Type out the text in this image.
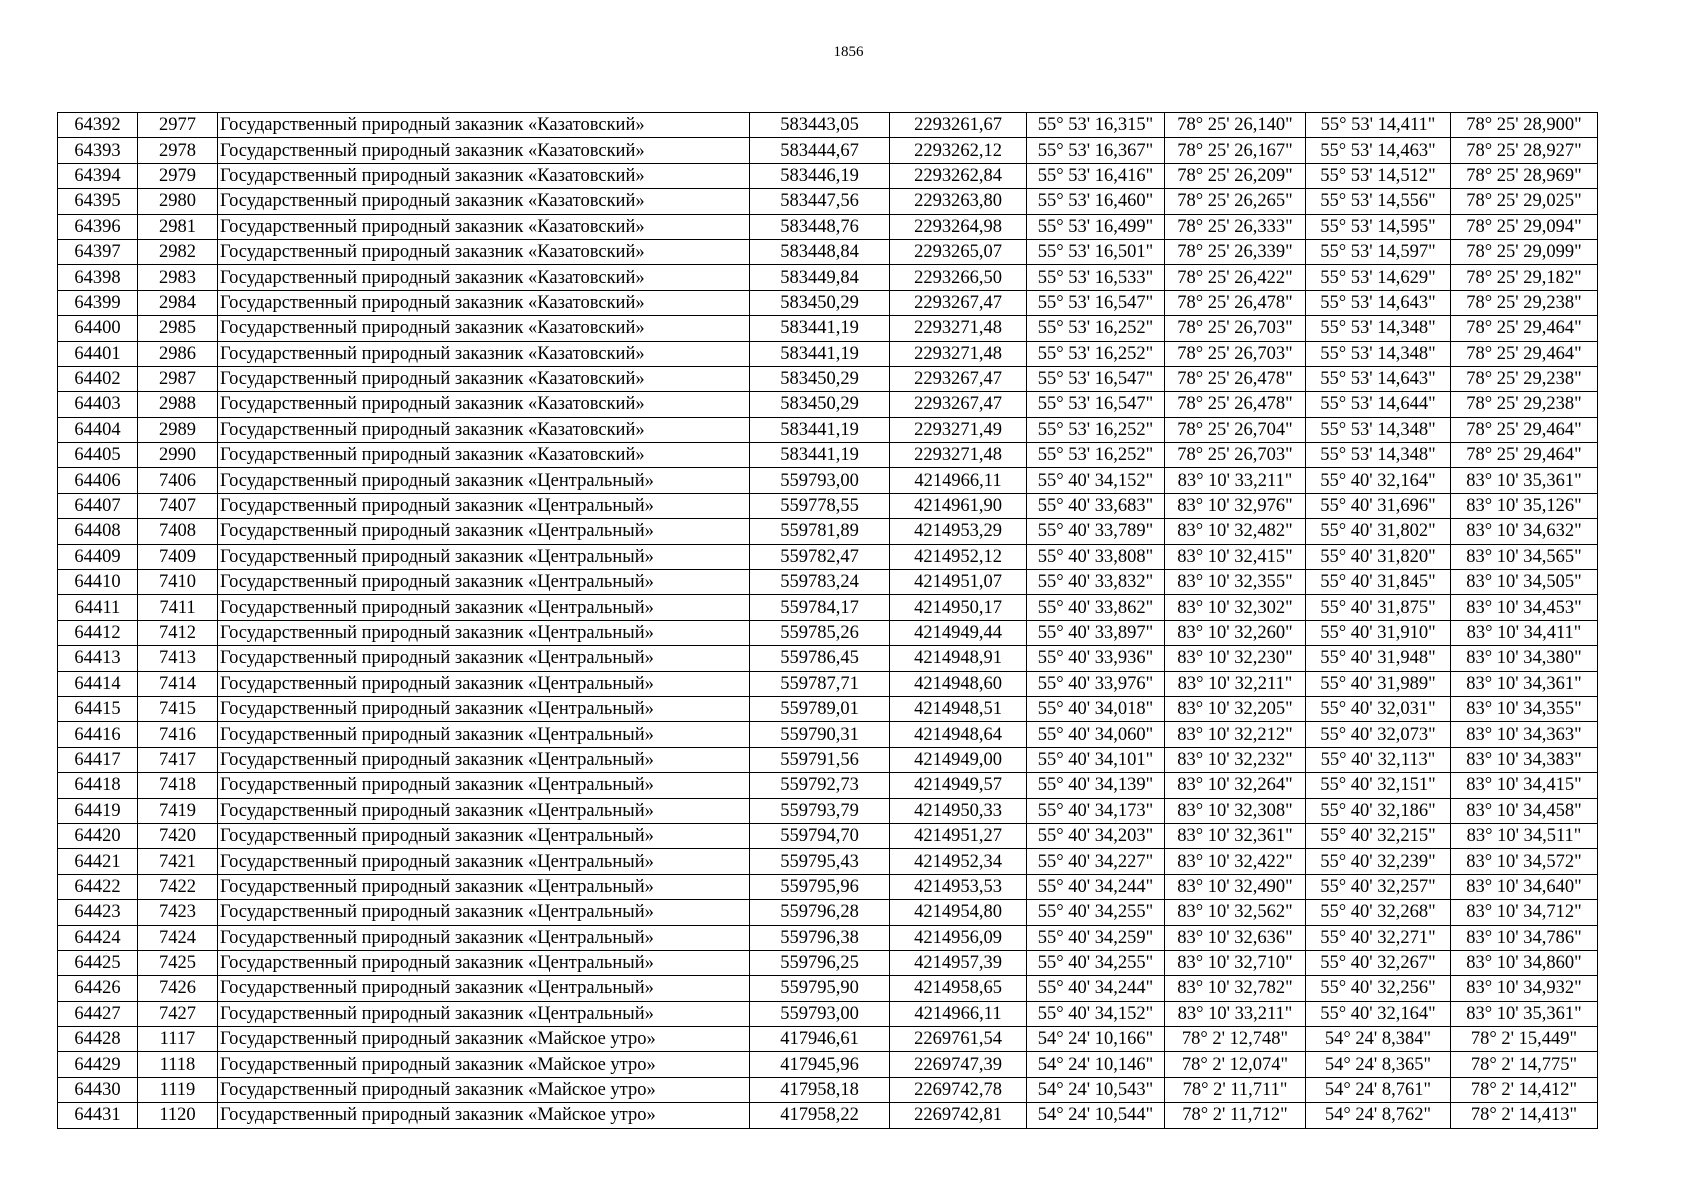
1856
64392	2977	Государственный природный заказник «Казатовский»	583443,05	2293261,67	55° 53' 16,315"	78° 25' 26,140"	55° 53' 14,411"	78° 25' 28,900"
64393	2978	Государственный природный заказник «Казатовский»	583444,67	2293262,12	55° 53' 16,367"	78° 25' 26,167"	55° 53' 14,463"	78° 25' 28,927"
64394	2979	Государственный природный заказник «Казатовский»	583446,19	2293262,84	55° 53' 16,416"	78° 25' 26,209"	55° 53' 14,512"	78° 25' 28,969"
64395	2980	Государственный природный заказник «Казатовский»	583447,56	2293263,80	55° 53' 16,460"	78° 25' 26,265"	55° 53' 14,556"	78° 25' 29,025"
64396	2981	Государственный природный заказник «Казатовский»	583448,76	2293264,98	55° 53' 16,499"	78° 25' 26,333"	55° 53' 14,595"	78° 25' 29,094"
64397	2982	Государственный природный заказник «Казатовский»	583448,84	2293265,07	55° 53' 16,501"	78° 25' 26,339"	55° 53' 14,597"	78° 25' 29,099"
64398	2983	Государственный природный заказник «Казатовский»	583449,84	2293266,50	55° 53' 16,533"	78° 25' 26,422"	55° 53' 14,629"	78° 25' 29,182"
64399	2984	Государственный природный заказник «Казатовский»	583450,29	2293267,47	55° 53' 16,547"	78° 25' 26,478"	55° 53' 14,643"	78° 25' 29,238"
64400	2985	Государственный природный заказник «Казатовский»	583441,19	2293271,48	55° 53' 16,252"	78° 25' 26,703"	55° 53' 14,348"	78° 25' 29,464"
64401	2986	Государственный природный заказник «Казатовский»	583441,19	2293271,48	55° 53' 16,252"	78° 25' 26,703"	55° 53' 14,348"	78° 25' 29,464"
64402	2987	Государственный природный заказник «Казатовский»	583450,29	2293267,47	55° 53' 16,547"	78° 25' 26,478"	55° 53' 14,643"	78° 25' 29,238"
64403	2988	Государственный природный заказник «Казатовский»	583450,29	2293267,47	55° 53' 16,547"	78° 25' 26,478"	55° 53' 14,644"	78° 25' 29,238"
64404	2989	Государственный природный заказник «Казатовский»	583441,19	2293271,49	55° 53' 16,252"	78° 25' 26,704"	55° 53' 14,348"	78° 25' 29,464"
64405	2990	Государственный природный заказник «Казатовский»	583441,19	2293271,48	55° 53' 16,252"	78° 25' 26,703"	55° 53' 14,348"	78° 25' 29,464"
64406	7406	Государственный природный заказник «Центральный»	559793,00	4214966,11	55° 40' 34,152"	83° 10' 33,211"	55° 40' 32,164"	83° 10' 35,361"
64407	7407	Государственный природный заказник «Центральный»	559778,55	4214961,90	55° 40' 33,683"	83° 10' 32,976"	55° 40' 31,696"	83° 10' 35,126"
64408	7408	Государственный природный заказник «Центральный»	559781,89	4214953,29	55° 40' 33,789"	83° 10' 32,482"	55° 40' 31,802"	83° 10' 34,632"
64409	7409	Государственный природный заказник «Центральный»	559782,47	4214952,12	55° 40' 33,808"	83° 10' 32,415"	55° 40' 31,820"	83° 10' 34,565"
64410	7410	Государственный природный заказник «Центральный»	559783,24	4214951,07	55° 40' 33,832"	83° 10' 32,355"	55° 40' 31,845"	83° 10' 34,505"
64411	7411	Государственный природный заказник «Центральный»	559784,17	4214950,17	55° 40' 33,862"	83° 10' 32,302"	55° 40' 31,875"	83° 10' 34,453"
64412	7412	Государственный природный заказник «Центральный»	559785,26	4214949,44	55° 40' 33,897"	83° 10' 32,260"	55° 40' 31,910"	83° 10' 34,411"
64413	7413	Государственный природный заказник «Центральный»	559786,45	4214948,91	55° 40' 33,936"	83° 10' 32,230"	55° 40' 31,948"	83° 10' 34,380"
64414	7414	Государственный природный заказник «Центральный»	559787,71	4214948,60	55° 40' 33,976"	83° 10' 32,211"	55° 40' 31,989"	83° 10' 34,361"
64415	7415	Государственный природный заказник «Центральный»	559789,01	4214948,51	55° 40' 34,018"	83° 10' 32,205"	55° 40' 32,031"	83° 10' 34,355"
64416	7416	Государственный природный заказник «Центральный»	559790,31	4214948,64	55° 40' 34,060"	83° 10' 32,212"	55° 40' 32,073"	83° 10' 34,363"
64417	7417	Государственный природный заказник «Центральный»	559791,56	4214949,00	55° 40' 34,101"	83° 10' 32,232"	55° 40' 32,113"	83° 10' 34,383"
64418	7418	Государственный природный заказник «Центральный»	559792,73	4214949,57	55° 40' 34,139"	83° 10' 32,264"	55° 40' 32,151"	83° 10' 34,415"
64419	7419	Государственный природный заказник «Центральный»	559793,79	4214950,33	55° 40' 34,173"	83° 10' 32,308"	55° 40' 32,186"	83° 10' 34,458"
64420	7420	Государственный природный заказник «Центральный»	559794,70	4214951,27	55° 40' 34,203"	83° 10' 32,361"	55° 40' 32,215"	83° 10' 34,511"
64421	7421	Государственный природный заказник «Центральный»	559795,43	4214952,34	55° 40' 34,227"	83° 10' 32,422"	55° 40' 32,239"	83° 10' 34,572"
64422	7422	Государственный природный заказник «Центральный»	559795,96	4214953,53	55° 40' 34,244"	83° 10' 32,490"	55° 40' 32,257"	83° 10' 34,640"
64423	7423	Государственный природный заказник «Центральный»	559796,28	4214954,80	55° 40' 34,255"	83° 10' 32,562"	55° 40' 32,268"	83° 10' 34,712"
64424	7424	Государственный природный заказник «Центральный»	559796,38	4214956,09	55° 40' 34,259"	83° 10' 32,636"	55° 40' 32,271"	83° 10' 34,786"
64425	7425	Государственный природный заказник «Центральный»	559796,25	4214957,39	55° 40' 34,255"	83° 10' 32,710"	55° 40' 32,267"	83° 10' 34,860"
64426	7426	Государственный природный заказник «Центральный»	559795,90	4214958,65	55° 40' 34,244"	83° 10' 32,782"	55° 40' 32,256"	83° 10' 34,932"
64427	7427	Государственный природный заказник «Центральный»	559793,00	4214966,11	55° 40' 34,152"	83° 10' 33,211"	55° 40' 32,164"	83° 10' 35,361"
64428	1117	Государственный природный заказник «Майское утро»	417946,61	2269761,54	54° 24' 10,166"	78° 2' 12,748"	54° 24' 8,384"	78° 2' 15,449"
64429	1118	Государственный природный заказник «Майское утро»	417945,96	2269747,39	54° 24' 10,146"	78° 2' 12,074"	54° 24' 8,365"	78° 2' 14,775"
64430	1119	Государственный природный заказник «Майское утро»	417958,18	2269742,78	54° 24' 10,543"	78° 2' 11,711"	54° 24' 8,761"	78° 2' 14,412"
64431	1120	Государственный природный заказник «Майское утро»	417958,22	2269742,81	54° 24' 10,544"	78° 2' 11,712"	54° 24' 8,762"	78° 2' 14,413"
